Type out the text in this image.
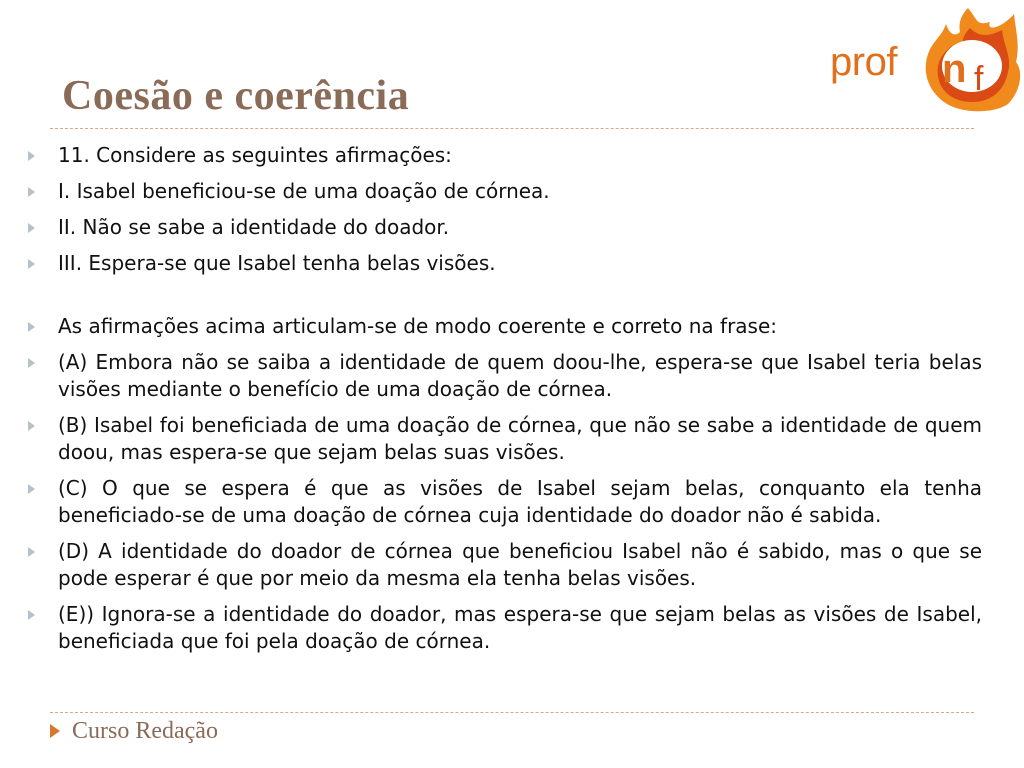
Coesão e coerência
prof n f
11. Considere as seguintes afirmações:
I. Isabel beneficiou-se de uma doação de córnea.
II. Não se sabe a identidade do doador.
III. Espera-se que Isabel tenha belas visões.
As afirmações acima articulam-se de modo coerente e correto na frase:
(A) Embora não se saiba a identidade de quem doou-lhe, espera-se que Isabel teria belas visões mediante o benefício de uma doação de córnea.
(B) Isabel foi beneficiada de uma doação de córnea, que não se sabe a identidade de quem doou, mas espera-se que sejam belas suas visões.
(C) O que se espera é que as visões de Isabel sejam belas, conquanto ela tenha beneficiado-se de uma doação de córnea cuja identidade do doador não é sabida.
(D) A identidade do doador de córnea que beneficiou Isabel não é sabido, mas o que se pode esperar é que por meio da mesma ela tenha belas visões.
(E)) Ignora-se a identidade do doador, mas espera-se que sejam belas as visões de Isabel, beneficiada que foi pela doação de córnea.
Curso Redação
